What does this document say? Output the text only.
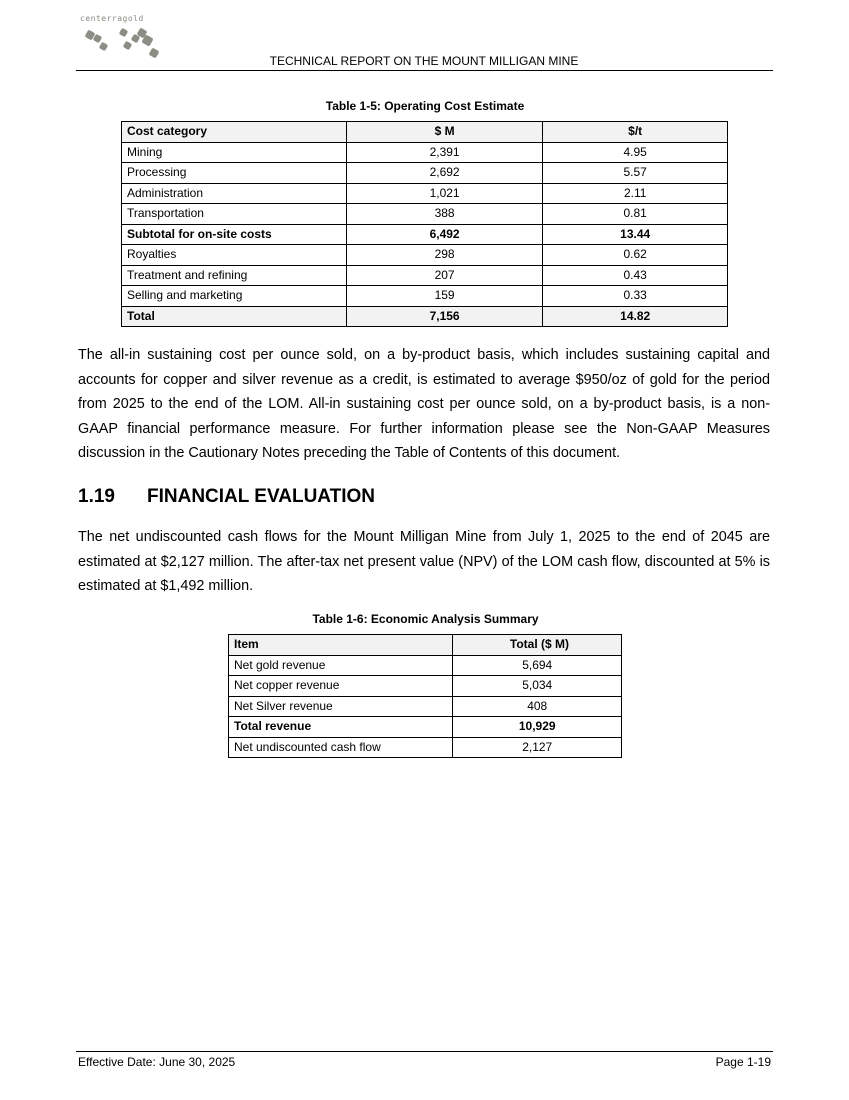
centerragold
TECHNICAL REPORT ON THE MOUNT MILLIGAN MINE
Table 1-5: Operating Cost Estimate
Cost category	$ M	$/t
Mining	2,391	4.95
Processing	2,692	5.57
Administration	1,021	2.11
Transportation	388	0.81
Subtotal for on-site costs	6,492	13.44
Royalties	298	0.62
Treatment and refining	207	0.43
Selling and marketing	159	0.33
Total	7,156	14.82

The all-in sustaining cost per ounce sold, on a by-product basis, which includes sustaining capital and accounts for copper and silver revenue as a credit, is estimated to average $950/oz of gold for the period from 2025 to the end of the LOM. All-in sustaining cost per ounce sold, on a by-product basis, is a non-GAAP financial performance measure. For further information please see the Non-GAAP Measures discussion in the Cautionary Notes preceding the Table of Contents of this document.

1.19 FINANCIAL EVALUATION

The net undiscounted cash flows for the Mount Milligan Mine from July 1, 2025 to the end of 2045 are estimated at $2,127 million. The after-tax net present value (NPV) of the LOM cash flow, discounted at 5% is estimated at $1,492 million.

Table 1-6: Economic Analysis Summary
Item	Total ($ M)
Net gold revenue	5,694
Net copper revenue	5,034
Net Silver revenue	408
Total revenue	10,929
Net undiscounted cash flow	2,127
Effective Date: June 30, 2025	Page 1-19
